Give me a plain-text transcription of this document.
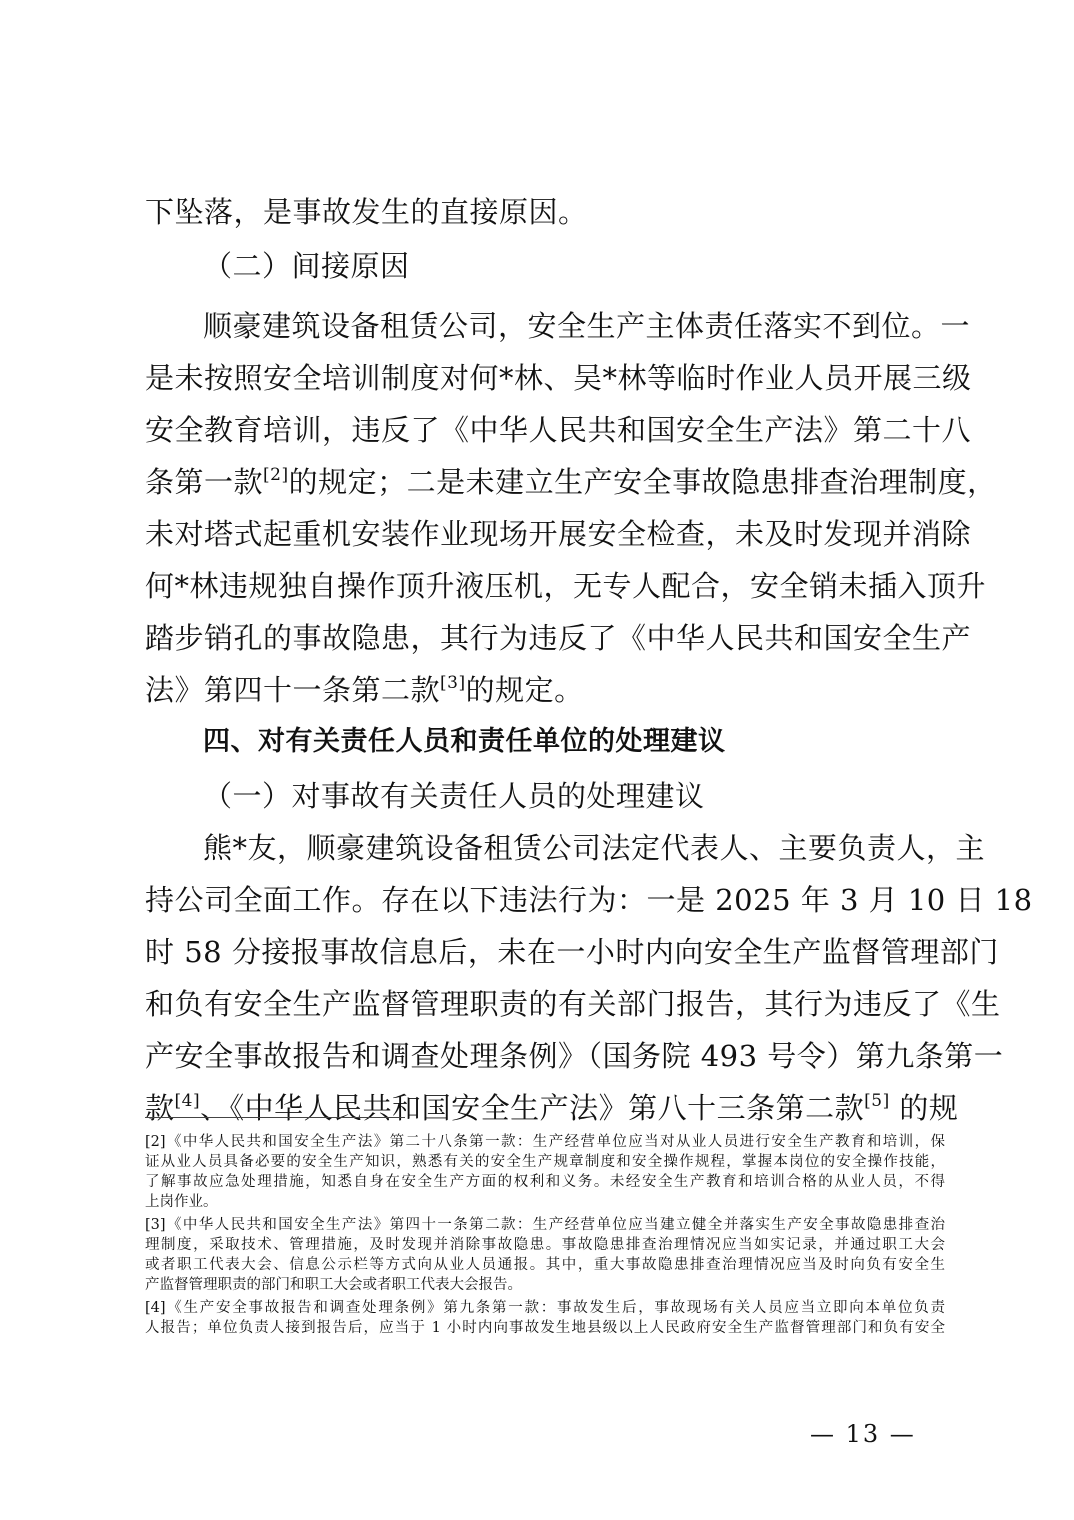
下坠落，是事故发生的直接原因。
（二）间接原因
顺豪建筑设备租赁公司，安全生产主体责任落实不到位。一
是未按照安全培训制度对何*林、吴*林等临时作业人员开展三级
安全教育培训，违反了《中华人民共和国安全生产法》第二十八
条第一款[2]的规定；二是未建立生产安全事故隐患排查治理制度，
未对塔式起重机安装作业现场开展安全检查，未及时发现并消除
何*林违规独自操作顶升液压机，无专人配合，安全销未插入顶升
踏步销孔的事故隐患，其行为违反了《中华人民共和国安全生产
法》第四十一条第二款[3]的规定。
四、对有关责任人员和责任单位的处理建议
（一）对事故有关责任人员的处理建议
熊*友，顺豪建筑设备租赁公司法定代表人、主要负责人，主
持公司全面工作。存在以下违法行为：一是 2025 年 3 月 10 日 18
时 58 分接报事故信息后，未在一小时内向安全生产监督管理部门
和负有安全生产监督管理职责的有关部门报告，其行为违反了《生
产安全事故报告和调查处理条例》（国务院 493 号令）第九条第一
款[4]、《中华人民共和国安全生产法》第八十三条第二款[5] 的规
[2]《中华人民共和国安全生产法》第二十八条第一款：生产经营单位应当对从业人员进行安全生产教育和培训，保
证从业人员具备必要的安全生产知识，熟悉有关的安全生产规章制度和安全操作规程，掌握本岗位的安全操作技能，
了解事故应急处理措施，知悉自身在安全生产方面的权利和义务。未经安全生产教育和培训合格的从业人员，不得
上岗作业。
[3]《中华人民共和国安全生产法》第四十一条第二款：生产经营单位应当建立健全并落实生产安全事故隐患排查治
理制度，采取技术、管理措施，及时发现并消除事故隐患。事故隐患排查治理情况应当如实记录，并通过职工大会
或者职工代表大会、信息公示栏等方式向从业人员通报。其中，重大事故隐患排查治理情况应当及时向负有安全生
产监督管理职责的部门和职工大会或者职工代表大会报告。
[4]《生产安全事故报告和调查处理条例》第九条第一款：事故发生后，事故现场有关人员应当立即向本单位负责
人报告；单位负责人接到报告后，应当于 1 小时内向事故发生地县级以上人民政府安全生产监督管理部门和负有安全
— 13 —
